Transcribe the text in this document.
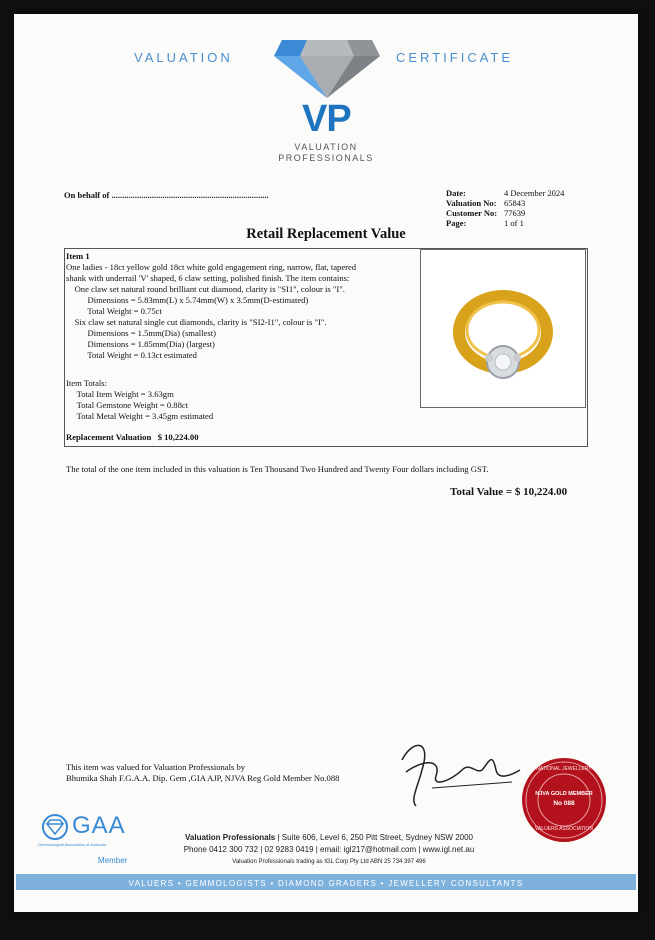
VALUATION	CERTIFICATE
VP
VALUATION
PROFESSIONALS
On behalf of ..........................................................................	Date:	4 December 2024
Valuation No: 65843
Customer No: 77639
Page:	1 of 1
Retail Replacement Value
Item 1
One ladies - 18ct yellow gold 18ct white gold engagement ring, narrow, flat, tapered
shank with underrail 'V' shaped, 6 claw setting, polished finish. The item contains:
One claw set natural round brilliant cut diamond, clarity is "SI1", colour is "I".
Dimensions = 5.83mm(L) x 5.74mm(W) x 3.5mm(D-estimated)
Total Weight = 0.75ct
Six claw set natural single cut diamonds, clarity is "SI2-I1", colour is "I".
Dimensions = 1.5mm(Dia) (smallest)
Dimensions = 1.85mm(Dia) (largest)
Total Weight = 0.13ct estimated
Item Totals:
Total Item Weight = 3.63gm
Total Gemstone Weight = 0.88ct
Total Metal Weight = 3.45gm estimated
Replacement Valuation $ 10,224.00
The total of the one item included in this valuation is Ten Thousand Two Hundred and Twenty Four dollars including GST.
Total Value = $ 10,224.00
This item was valued for Valuation Professionals by
Bhumika Shah F.G.A.A. Dip. Gem ,GIA AJP, NJVA Reg Gold Member No.088
NATIONAL JEWELLERY
NJVA GOLD MEMBER
No 088
VALUERS ASSOCIATION
GAA
Gemmological Association of Australia
Member
Valuation Professionals | Suite 606, Level 6, 250 Pitt Street, Sydney NSW 2000
Phone 0412 300 732 | 02 9283 0419 | email: igl217@hotmail.com | www.igl.net.au
Valuation Professionals trading as IGL Corp Pty Ltd ABN 25 734 397 496
VALUERS • GEMMOLOGISTS • DIAMOND GRADERS • JEWELLERY CONSULTANTS
